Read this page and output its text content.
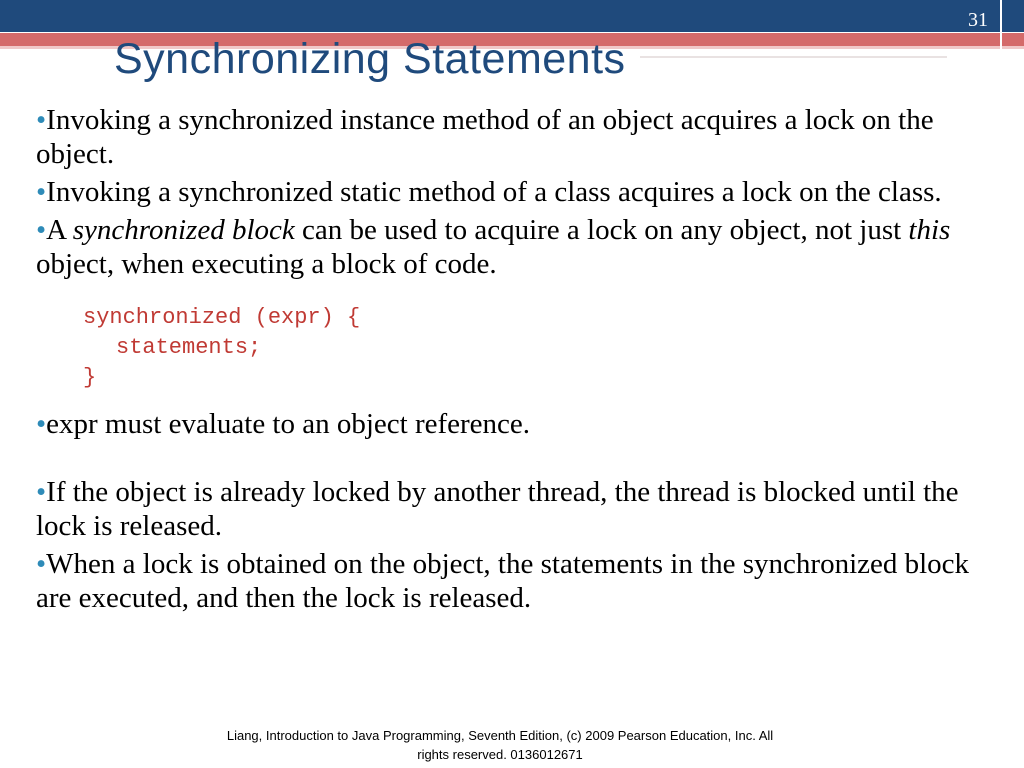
31
Synchronizing Statements

•Invoking a synchronized instance method of an object acquires a lock on the object.

•Invoking a synchronized static method of a class acquires a lock on the class.

•A synchronized block can be used to acquire a lock on any object, not just this object, when executing a block of code.

synchronized (expr) {
statements;
}

•expr must evaluate to an object reference.

•If the object is already locked by another thread, the thread is blocked until the lock is released.

•When a lock is obtained on the object, the statements in the synchronized block are executed, and then the lock is released.

Liang, Introduction to Java Programming, Seventh Edition, (c) 2009 Pearson Education, Inc. All
rights reserved. 0136012671
